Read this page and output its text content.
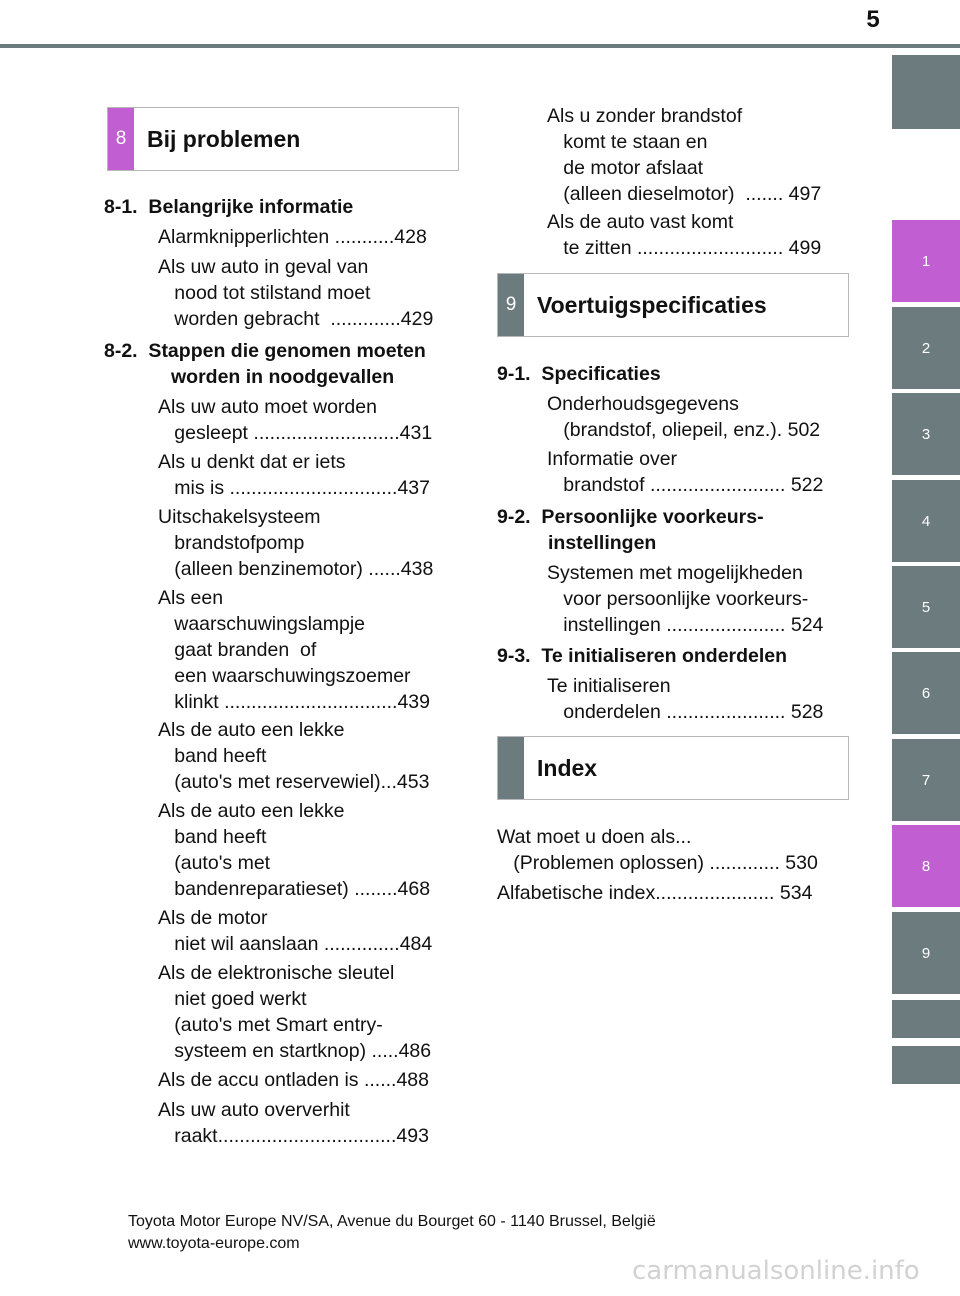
5
1
2
3
4
5
6
7
8
9
8 Bij problemen
8-1.  Belangrijke informatie
Alarmknipperlichten ...........428
Als uw auto in geval van
nood tot stilstand moet
worden gebracht  .............429
8-2.  Stappen die genomen moeten
worden in noodgevallen
Als uw auto moet worden
gesleept ...........................431
Als u denkt dat er iets
mis is ...............................437
Uitschakelsysteem
brandstofpomp
(alleen benzinemotor) ......438
Als een
waarschuwingslampje
gaat branden  of
een waarschuwingszoemer
klinkt ................................439
Als de auto een lekke
band heeft
(auto's met reservewiel)...453
Als de auto een lekke
band heeft
(auto's met
bandenreparatieset) ........468
Als de motor
niet wil aanslaan ..............484
Als de elektronische sleutel
niet goed werkt
(auto's met Smart entry-
systeem en startknop) .....486
Als de accu ontladen is ......488
Als uw auto oververhit
raakt.................................493
Als u zonder brandstof
komt te staan en
de motor afslaat
(alleen dieselmotor)  ....... 497
Als de auto vast komt
te zitten ........................... 499
9 Voertuigspecificaties
9-1.  Specificaties
Onderhoudsgegevens
(brandstof, oliepeil, enz.). 502
Informatie over
brandstof ......................... 522
9-2.  Persoonlijke voorkeurs-
instellingen
Systemen met mogelijkheden
voor persoonlijke voorkeurs-
instellingen ...................... 524
9-3.  Te initialiseren onderdelen
Te initialiseren
onderdelen ...................... 528
Index
Wat moet u doen als...
(Problemen oplossen) ............. 530
Alfabetische index...................... 534
Toyota Motor Europe NV/SA, Avenue du Bourget 60 - 1140 Brussel, België
www.toyota-europe.com
carmanualsonline.info
